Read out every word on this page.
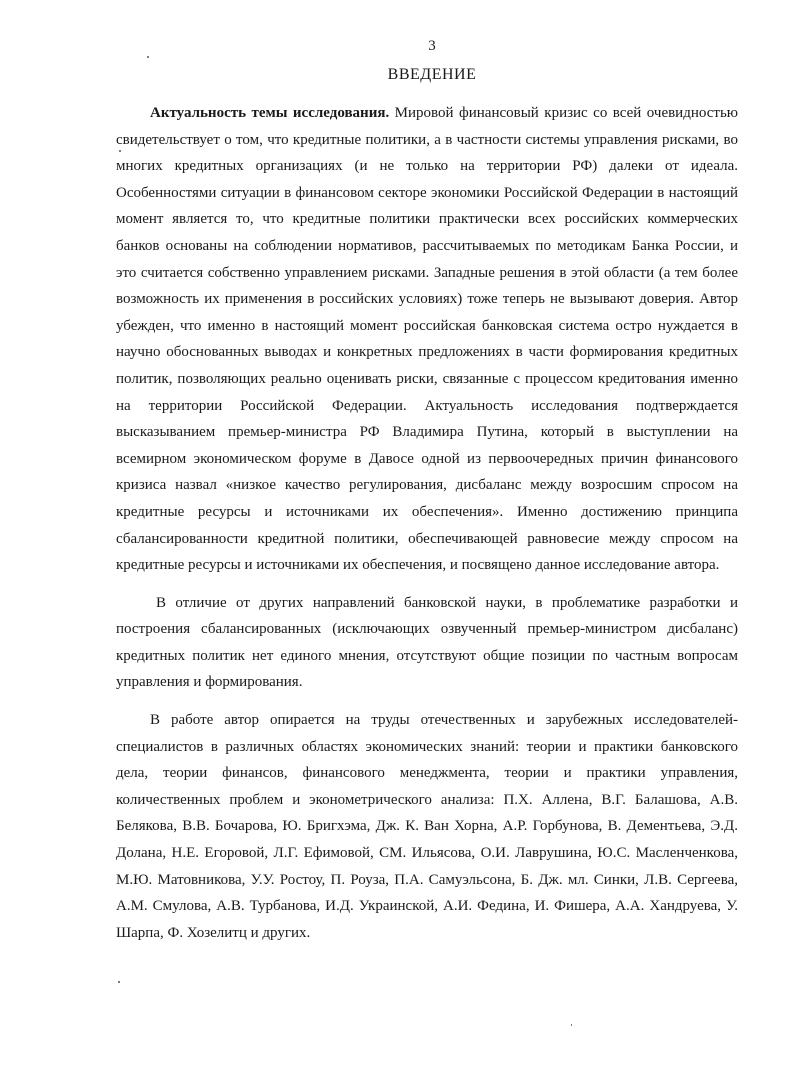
3
ВВЕДЕНИЕ

Актуальность темы исследования. Мировой финансовый кризис со всей очевидностью свидетельствует о том, что кредитные политики, а в частности системы управления рисками, во многих кредитных организациях (и не только на территории РФ) далеки от идеала. Особенностями ситуации в финансовом секторе экономики Российской Федерации в настоящий момент является то, что кредитные политики практически всех российских коммерческих банков основаны на соблюдении нормативов, рассчитываемых по методикам Банка России, и это считается собственно управлением рисками. Западные решения в этой области (а тем более возможность их применения в российских условиях) тоже теперь не вызывают доверия. Автор убежден, что именно в настоящий момент российская банковская система остро нуждается в научно обоснованных выводах и конкретных предложениях в части формирования кредитных политик, позволяющих реально оценивать риски, связанные с процессом кредитования именно на территории Российской Федерации. Актуальность исследования подтверждается высказыванием премьер-министра РФ Владимира Путина, который в выступлении на всемирном экономическом форуме в Давосе одной из первоочередных причин финансового кризиса назвал «низкое качество регулирования, дисбаланс между возросшим спросом на кредитные ресурсы и источниками их обеспечения». Именно достижению принципа сбалансированности кредитной политики, обеспечивающей равновесие между спросом на кредитные ресурсы и источниками их обеспечения, и посвящено данное исследование автора.

В отличие от других направлений банковской науки, в проблематике разработки и построения сбалансированных (исключающих озвученный премьер-министром дисбаланс) кредитных политик нет единого мнения, отсутствуют общие позиции по частным вопросам управления и формирования.

В работе автор опирается на труды отечественных и зарубежных исследователей-специалистов в различных областях экономических знаний: теории и практики банковского дела, теории финансов, финансового менеджмента, теории и практики управления, количественных проблем и эконометрического анализа: П.Х. Аллена, В.Г. Балашова, А.В. Белякова, В.В. Бочарова, Ю. Бригхэма, Дж. К. Ван Хорна, А.Р. Горбунова, В. Дементьева, Э.Д. Долана, Н.Е. Егоровой, Л.Г. Ефимовой, СМ. Ильясова, О.И. Лаврушина, Ю.С. Масленченкова, М.Ю. Матовникова, У.У. Ростоу, П. Роуза, П.А. Самуэльсона, Б. Дж. мл. Синки, Л.В. Сергеева, А.М. Смулова, А.В. Турбанова, И.Д. Украинской, А.И. Федина, И. Фишера, А.А. Хандруева, У. Шарпа, Ф. Хозелитц и других.
